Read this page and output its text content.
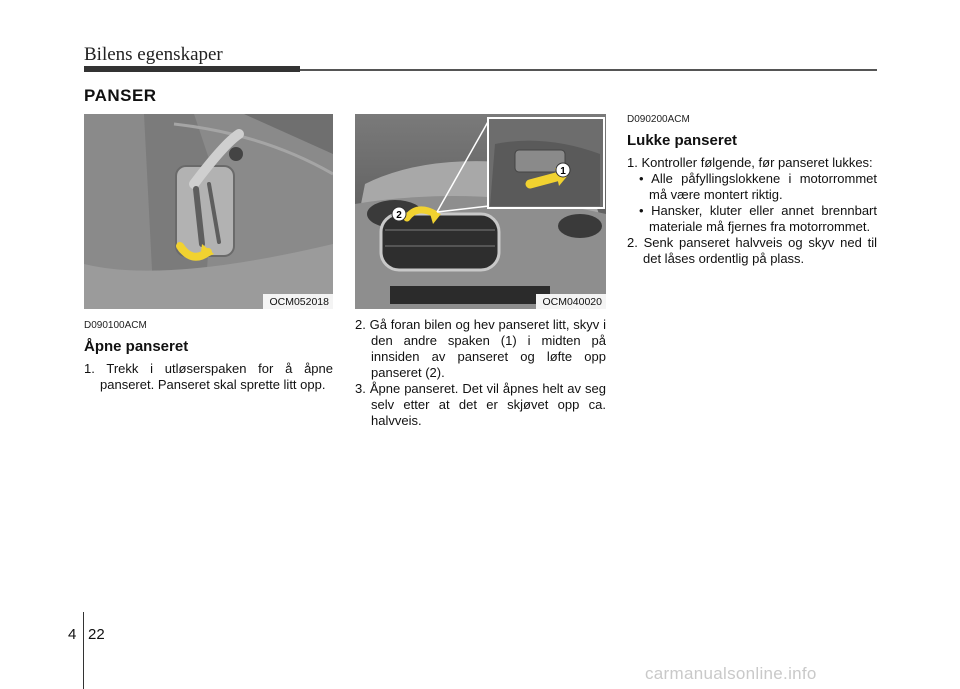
Bilens egenskaper
PANSER
OCM052018
2
1
OCM040020
D090100ACM
Åpne panseret

1. Trekk i utløserspaken for å åpne panseret. Panseret skal sprette litt opp.

2. Gå foran bilen og hev panseret litt, skyv i den andre spaken (1) i midten på innsiden av panseret og løfte opp panseret (2).

3. Åpne panseret. Det vil åpnes helt av seg selv etter at det er skjøvet opp ca. halvveis.

D090200ACM
Lukke panseret

1. Kontroller følgende, før panseret lukkes:

• Alle påfyllingslokkene i motorrommet må være montert riktig.

• Hansker, kluter eller annet brennbart materiale må fjernes fra motorrommet.

2. Senk panseret halvveis og skyv ned til det låses ordentlig på plass.

4 22
carmanualsonline.info
